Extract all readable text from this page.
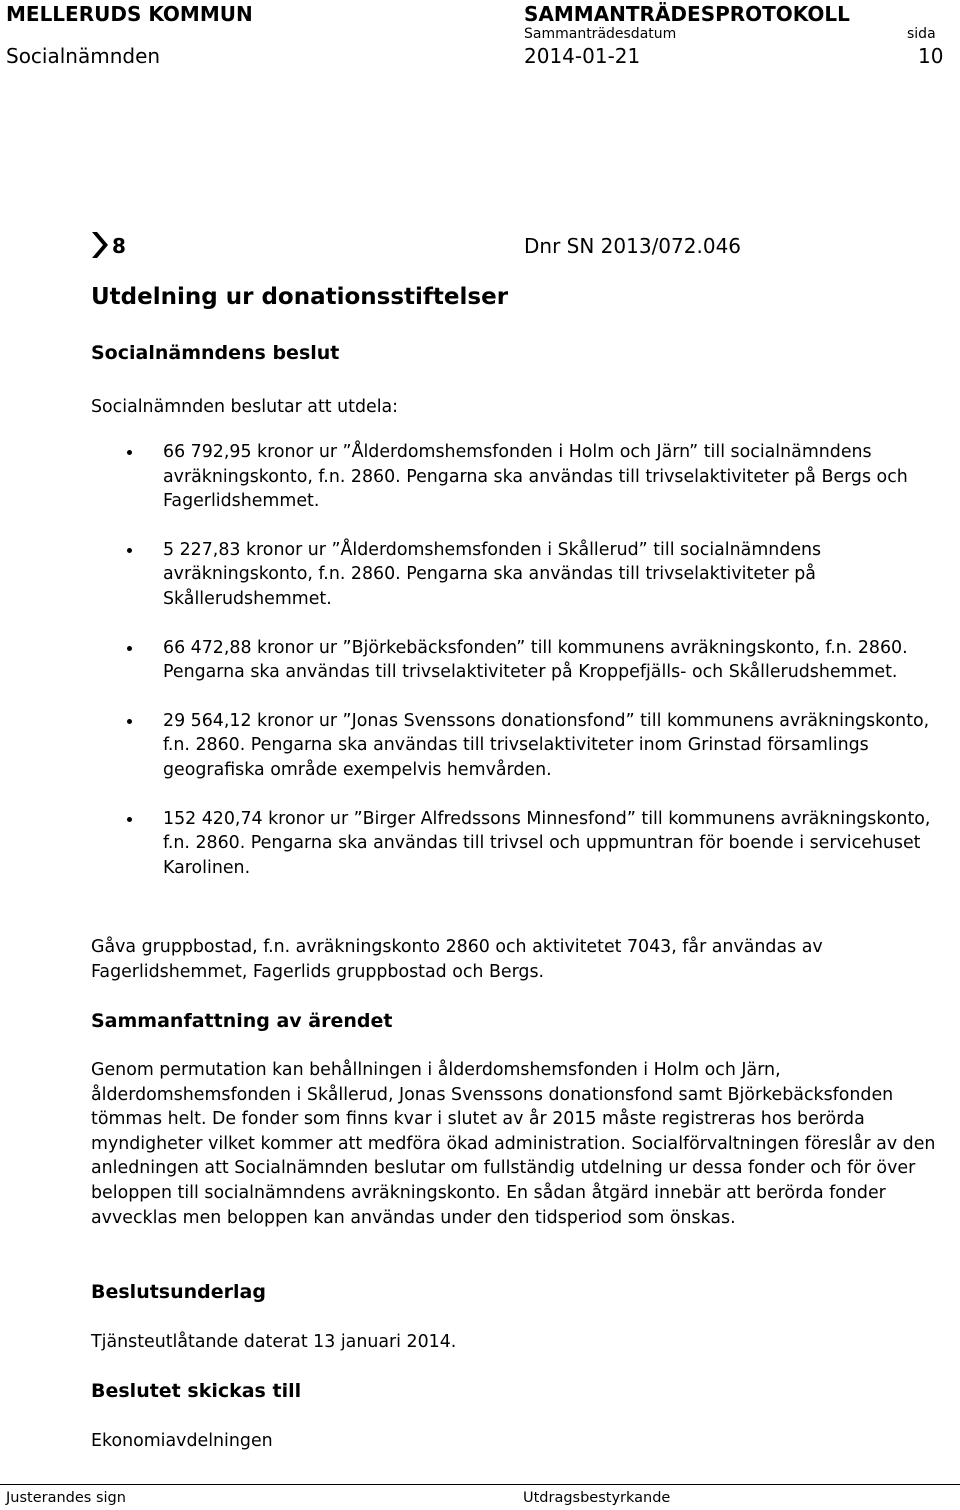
MELLERUDS KOMMUN
Socialnämnden
SAMMANTRÄDESPROTOKOLL
Sammanträdesdatum
2014-01-21
sida
10
8	Dnr SN 2013/072.046
Utdelning ur donationsstiftelser
Socialnämndens beslut
Socialnämnden beslutar att utdela:
66 792,95 kronor ur ”Ålderdomshemsfonden i Holm och Järn” till socialnämndens avräkningskonto, f.n. 2860. Pengarna ska användas till trivselaktiviteter på Bergs och Fagerlidshemmet.
5 227,83 kronor ur ”Ålderdomshemsfonden i Skållerud” till socialnämndens avräkningskonto, f.n. 2860. Pengarna ska användas till trivselaktiviteter på Skållerudshemmet.
66 472,88 kronor ur ”Björkebäcksfonden” till kommunens avräkningskonto, f.n. 2860. Pengarna ska användas till trivselaktiviteter på Kroppefjälls- och Skållerudshemmet.
29 564,12 kronor ur ”Jonas Svenssons donationsfond” till kommunens avräkningskonto, f.n. 2860. Pengarna ska användas till trivselaktiviteter inom Grinstad församlings geografiska område exempelvis hemvården.
152 420,74 kronor ur ”Birger Alfredssons Minnesfond” till kommunens avräkningskonto, f.n. 2860. Pengarna ska användas till trivsel och uppmuntran för boende i servicehuset Karolinen.
Gåva gruppbostad, f.n. avräkningskonto 2860 och aktivitetet 7043, får användas av Fagerlidshemmet, Fagerlids gruppbostad och Bergs.
Sammanfattning av ärendet
Genom permutation kan behållningen i ålderdomshemsfonden i Holm och Järn, ålderdomshemsfonden i Skållerud, Jonas Svenssons donationsfond samt Björkebäcksfonden tömmas helt. De fonder som finns kvar i slutet av år 2015 måste registreras hos berörda myndigheter vilket kommer att medföra ökad administration. Socialförvaltningen föreslår av den anledningen att Socialnämnden beslutar om fullständig utdelning ur dessa fonder och för över beloppen till socialnämndens avräkningskonto. En sådan åtgärd innebär att berörda fonder avvecklas men beloppen kan användas under den tidsperiod som önskas.
Beslutsunderlag
Tjänsteutlåtande daterat 13 januari 2014.
Beslutet skickas till
Ekonomiavdelningen
Justerandes sign	Utdragsbestyrkande
